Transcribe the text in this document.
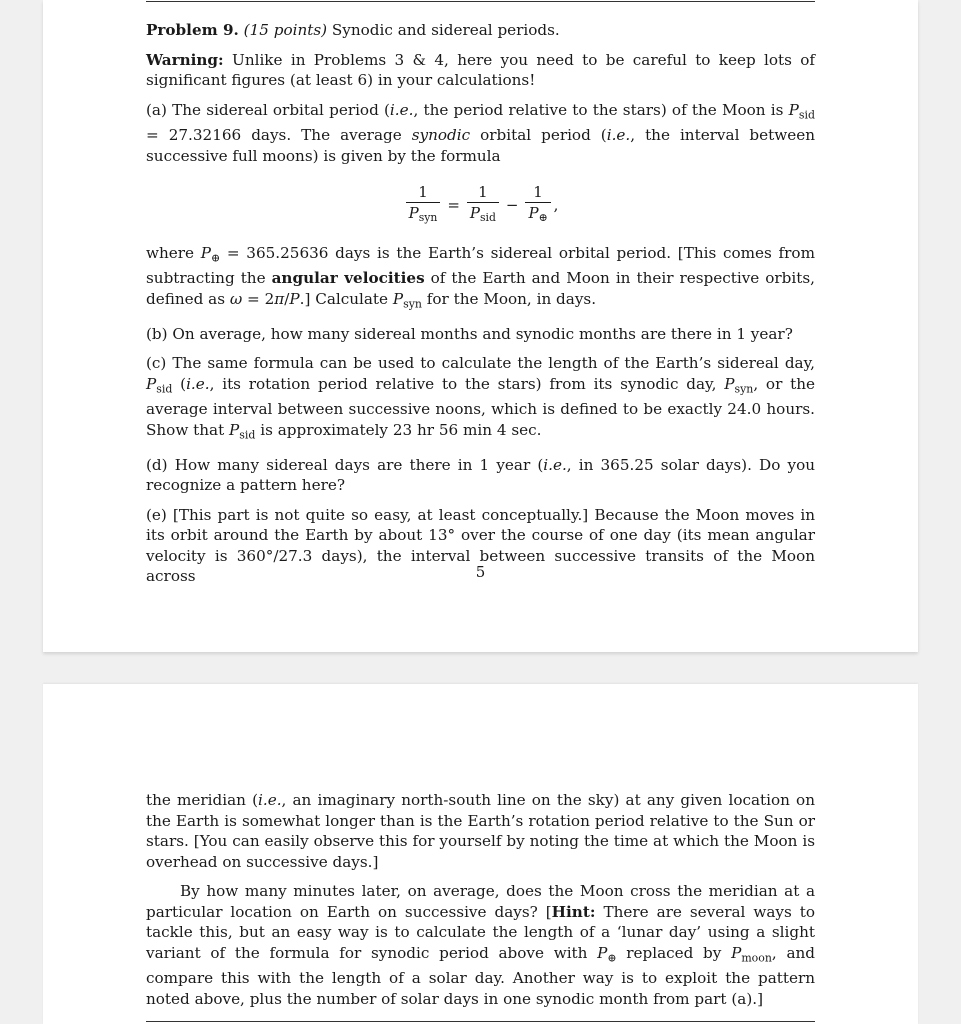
Problem 9. (15 points) Synodic and sidereal periods.

Warning: Unlike in Problems 3 & 4, here you need to be careful to keep lots of significant figures (at least 6) in your calculations!

(a) The sidereal orbital period (i.e., the period relative to the stars) of the Moon is $P_{sid} = 27.32166$ days. The average synodic orbital period (i.e., the interval between successive full moons) is given by the formula

$\frac{1}{P_{syn}} = \frac{1}{P_{sid}} - \frac{1}{P_\oplus}$ ,

where $P_\oplus = 365.25636$ days is the Earth’s sidereal orbital period. [This comes from subtracting the angular velocities of the Earth and Moon in their respective orbits, defined as ω = 2π/P.] Calculate $P_{syn}$ for the Moon, in days.

(b) On average, how many sidereal months and synodic months are there in 1 year?

(c) The same formula can be used to calculate the length of the Earth’s sidereal day, $P_{sid}$ (i.e., its rotation period relative to the stars) from its synodic day, $P_{syn}$, or the average interval between successive noons, which is defined to be exactly 24.0 hours. Show that $P_{sid}$ is approximately 23 hr 56 min 4 sec.

(d) How many sidereal days are there in 1 year (i.e., in 365.25 solar days). Do you recognize a pattern here?

(e) [This part is not quite so easy, at least conceptually.] Because the Moon moves in its orbit around the Earth by about 13° over the course of one day (its mean angular velocity is 360°/27.3 days), the interval between successive transits of the Moon across	5

the meridian (i.e., an imaginary north-south line on the sky) at any given location on the Earth is somewhat longer than is the Earth’s rotation period relative to the Sun or stars. [You can easily observe this for yourself by noting the time at which the Moon is overhead on successive days.]

By how many minutes later, on average, does the Moon cross the meridian at a particular location on Earth on successive days? [Hint: There are several ways to tackle this, but an easy way is to calculate the length of a ‘lunar day’ using a slight variant of the formula for synodic period above with $P_\oplus$ replaced by $P_{moon}$, and compare this with the length of a solar day. Another way is to exploit the pattern noted above, plus the number of solar days in one synodic month from part (a).]
